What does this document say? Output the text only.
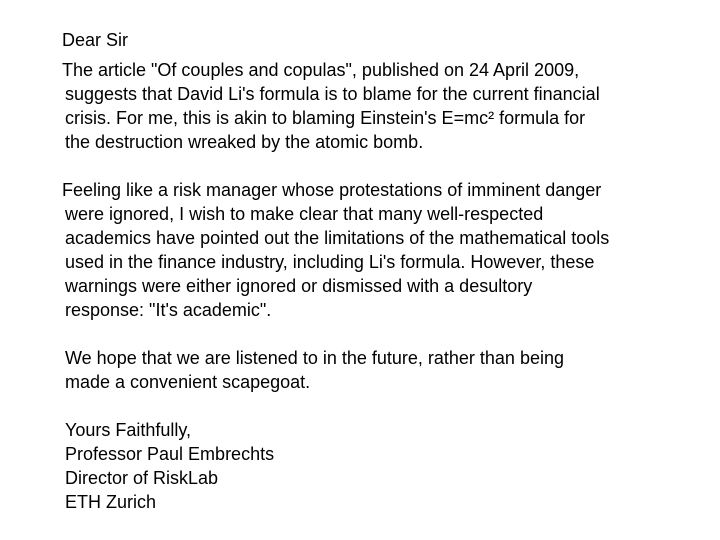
Dear Sir
The article "Of couples and copulas", published on 24 April 2009,
suggests that David Li's formula is to blame for the current financial
crisis. For me, this is akin to blaming Einstein's E=mc² formula for
the destruction wreaked by the atomic bomb.
Feeling like a risk manager whose protestations of imminent danger
were ignored, I wish to make clear that many well-respected
academics have pointed out the limitations of the mathematical tools
used in the finance industry, including Li's formula. However, these
warnings were either ignored or dismissed with a desultory
response: "It's academic".
We hope that we are listened to in the future, rather than being
made a convenient scapegoat.
Yours Faithfully,
Professor Paul Embrechts
Director of RiskLab
ETH Zurich
